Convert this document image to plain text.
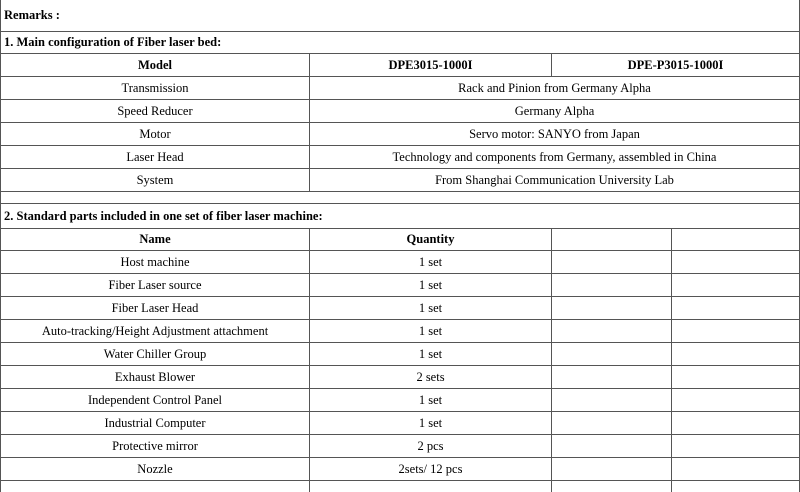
Remarks :
1. Main configuration of Fiber laser bed:
Model	DPE3015-1000I	DPE-P3015-1000I
Transmission	Rack and Pinion from Germany Alpha
Speed Reducer	Germany Alpha
Motor	Servo motor: SANYO from Japan
Laser Head	Technology and components from Germany, assembled in China
System	From Shanghai Communication University Lab
2. Standard parts included in one set of fiber laser machine:
Name	Quantity
Host machine	1 set
Fiber Laser source	1 set
Fiber Laser Head	1 set
Auto-tracking/Height Adjustment attachment	1 set
Water Chiller Group	1 set
Exhaust Blower	2 sets
Independent Control Panel	1 set
Industrial Computer	1 set
Protective mirror	2 pcs
Nozzle	2sets/ 12 pcs
